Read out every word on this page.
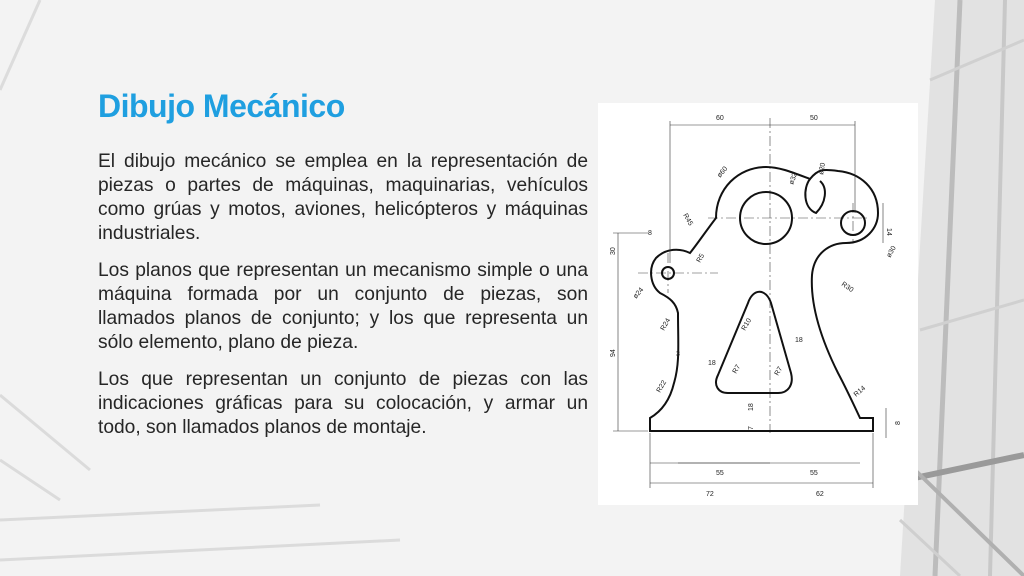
Dibujo Mecánico

El dibujo mecánico se emplea en la representación de piezas o partes de máquinas, maquinarias, vehículos como grúas y motos, aviones, helicópteros y máquinas industriales.

Los planos que representan un mecanismo simple o una máquina formada por un conjunto de piezas, son llamados planos de conjunto; y los que representa un sólo elemento, plano de pieza.

Los que representan un conjunto de piezas con las indicaciones gráficas para su colocación, y armar un todo, son llamados planos de montaje.

60	50
8	14
30
94	3
18
18
18
7
8
55	55
72	62
ø60	ø32
ø20
ø30
ø24
R45
R5
R24
R22
R10
R7	R7
R30
R14
